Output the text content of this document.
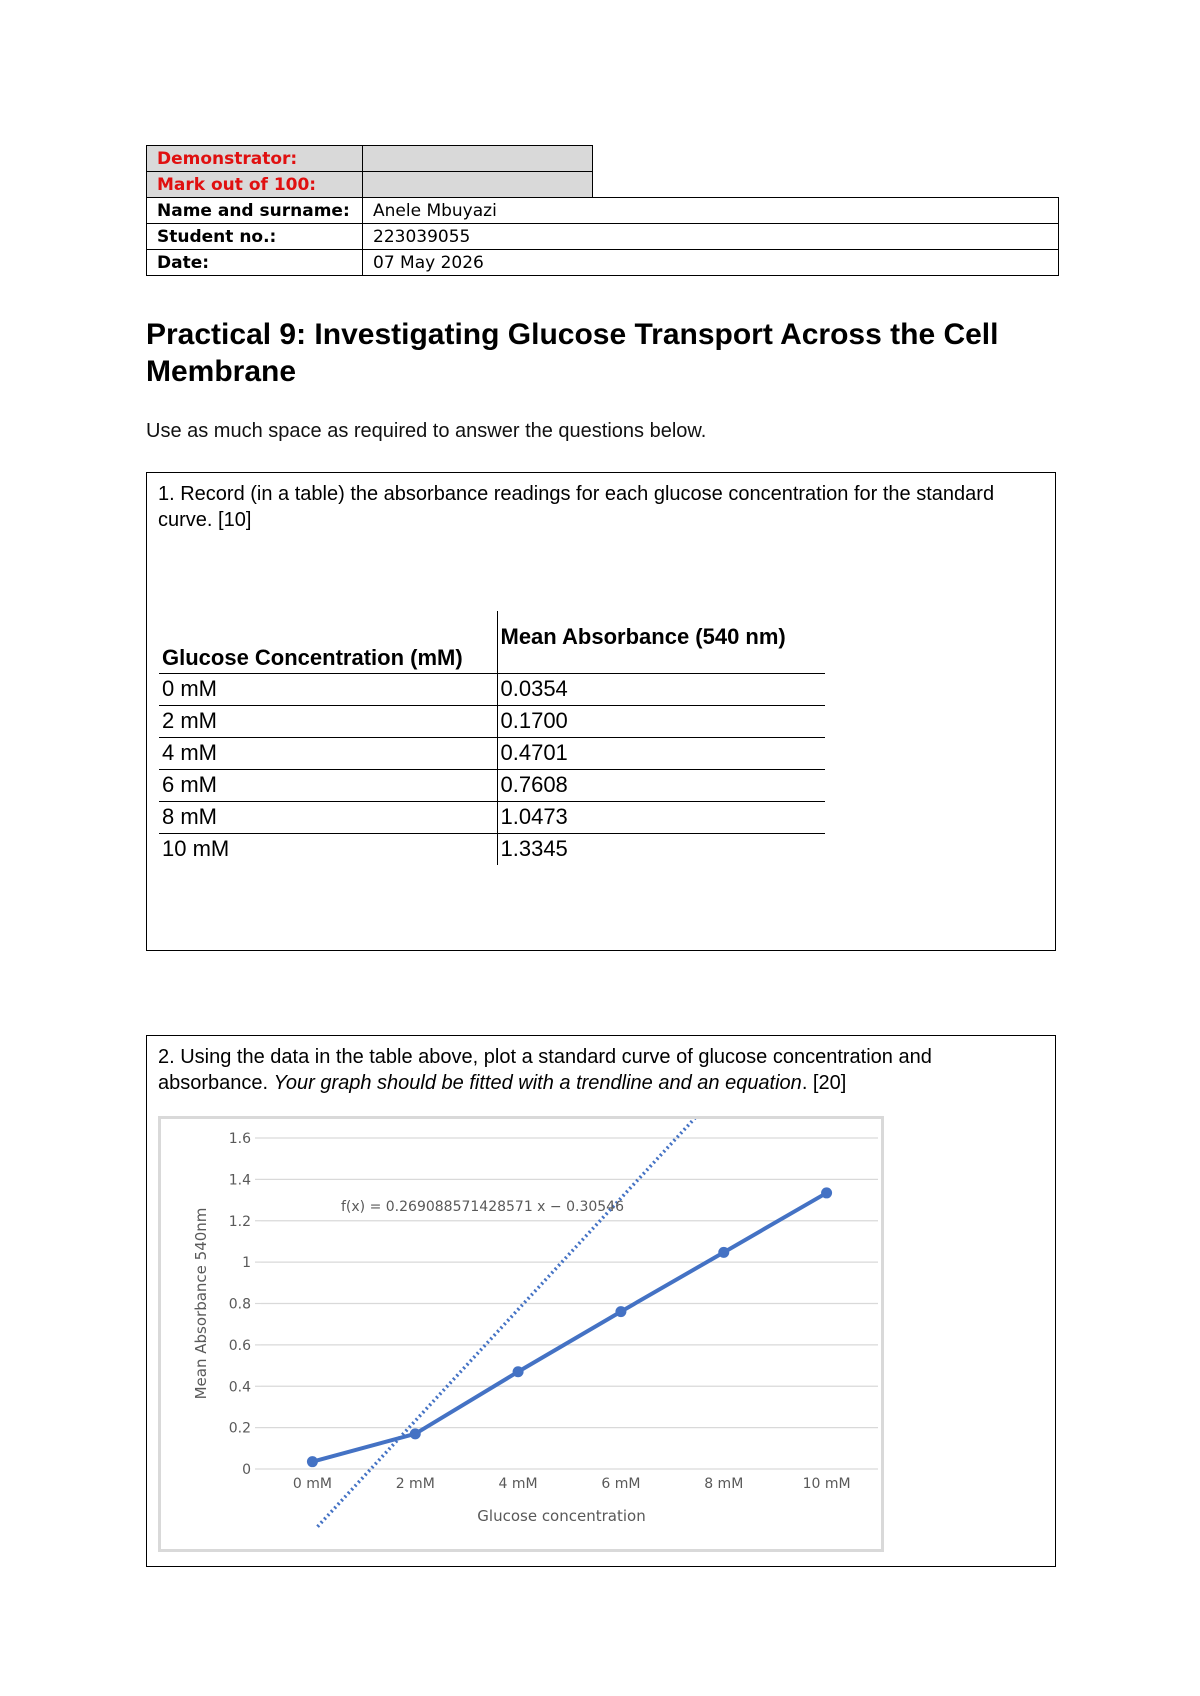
Demonstrator:		
Mark out of 100:		
Name and surname:	Anele Mbuyazi	
Student no.:	223039055	
Date:	07 May 2026	
Practical 9: Investigating Glucose Transport Across the Cell Membrane

Use as much space as required to answer the questions below.

1. Record (in a table) the absorbance readings for each glucose concentration for the standard curve. [10]

Glucose Concentration (mM)	Mean Absorbance (540 nm)
0 mM	0.0354
2 mM	0.1700
4 mM	0.4701
6 mM	0.7608
8 mM	1.0473
10 mM	1.3345

2. Using the data in the table above, plot a standard curve of glucose concentration and absorbance. Your graph should be fitted with a trendline and an equation. [20]

0
0.2
0.4
0.6
0.8
1
1.2
1.4
1.6
0 mM	2 mM	4 mM	6 mM	8 mM	10 mM
f(x) = 0.269088571428571 x − 0.30546
Glucose concentration
Mean Absorbance 540nm
